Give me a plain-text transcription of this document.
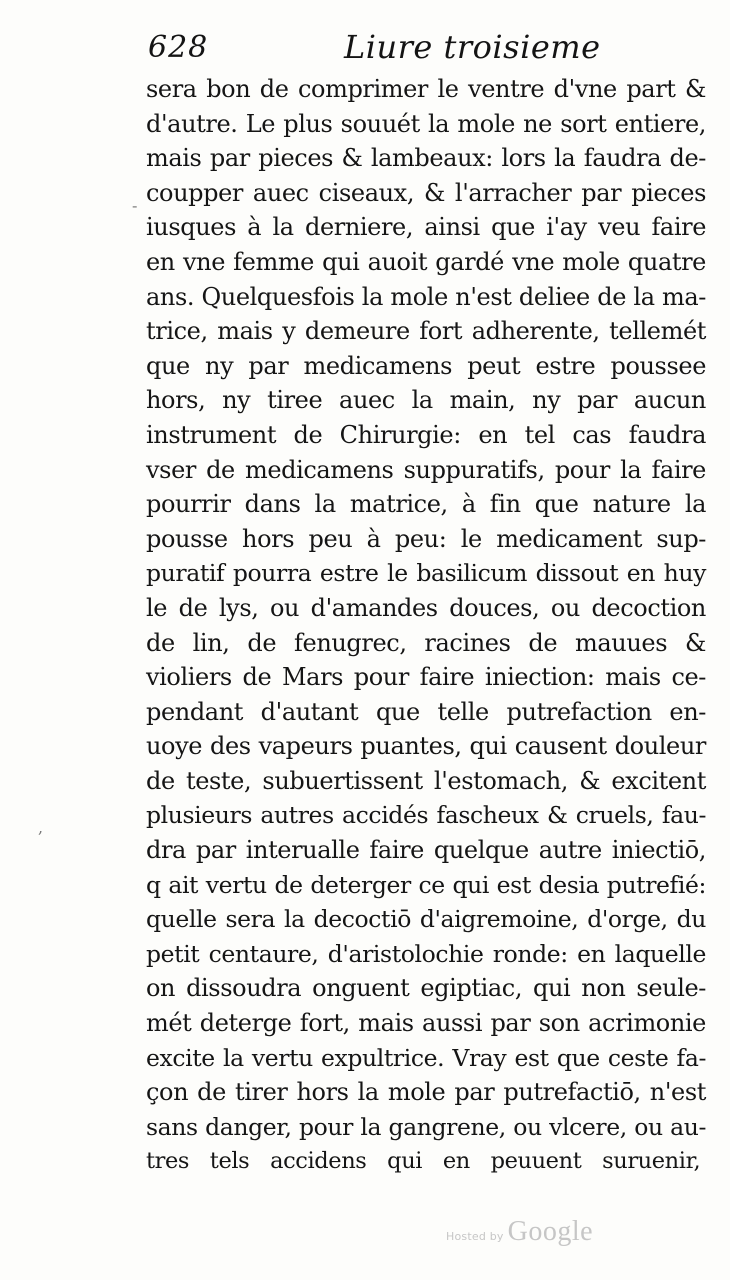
628	Liure troisieme
sera bon de comprimer le ventre d'vne part &
d'autre. Le plus souuét la mole ne sort entiere,
mais par pieces & lambeaux: lors la faudra de-
coupper auec ciseaux, & l'arracher par pieces
iusques à la derniere, ainsi que i'ay veu faire
en vne femme qui auoit gardé vne mole quatre
ans. Quelquesfois la mole n'est deliee de la ma-
trice, mais y demeure fort adherente, tellemét
que ny par medicamens peut estre poussee
hors, ny tiree auec la main, ny par aucun
instrument de Chirurgie: en tel cas faudra
vser de medicamens suppuratifs, pour la faire
pourrir dans la matrice, à fin que nature la
pousse hors peu à peu: le medicament sup-
puratif pourra estre le basilicum dissout en huy
le de lys, ou d'amandes douces, ou decoction
de lin, de fenugrec, racines de mauues &
violiers de Mars pour faire iniection: mais ce-
pendant d'autant que telle putrefaction en-
uoye des vapeurs puantes, qui causent douleur
de teste, subuertissent l'estomach, & excitent
plusieurs autres accidés fascheux & cruels, fau-
dra par interualle faire quelque autre iniectiō,
q ait vertu de deterger ce qui est desia putrefié:
quelle sera la decoctiō d'aigremoine, d'orge, du
petit centaure, d'aristolochie ronde: en laquelle
on dissoudra onguent egiptiac, qui non seule-
mét deterge fort, mais aussi par son acrimonie
excite la vertu expultrice. Vray est que ceste fa-
çon de tirer hors la mole par putrefactiō, n'est
sans danger, pour la gangrene, ou vlcere, ou au-
tres tels accidens qui en peuuent suruenir,
,
-
Hosted by Google
